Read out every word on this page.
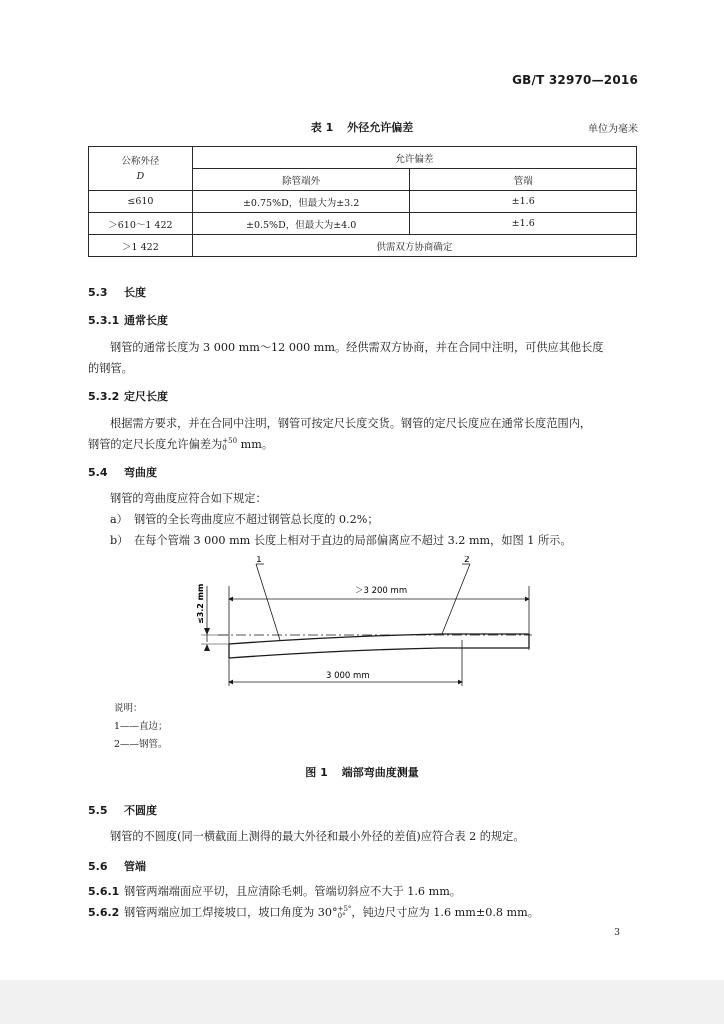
GB/T 32970—2016
表 1 外径允许偏差	单位为毫米
公称外径
D	允许偏差	
	除管端外	管端
≤610	±0.75%D，但最大为±3.2	±1.6
＞610～1 422	±0.5%D，但最大为±4.0	±1.6
＞1 422	供需双方协商确定	
5.3 长度
5.3.1 通常长度
钢管的通常长度为 3 000 mm～12 000 mm。经供需双方协商，并在合同中注明，可供应其他长度
的钢管。
5.3.2 定尺长度
根据需方要求，并在合同中注明，钢管可按定尺长度交货。钢管的定尺长度应在通常长度范围内，
钢管的定尺长度允许偏差为 +50
0 mm。
5.4 弯曲度
钢管的弯曲度应符合如下规定：
a） 钢管的全长弯曲度应不超过钢管总长度的 0.2%；
b） 在每个管端 3 000 mm 长度上相对于直边的局部偏离应不超过 3.2 mm，如图 1 所示。
1	2
＞3 200 mm
3 000 mm
≤3.2 mm
说明：
1——直边；
2——钢管。
图 1 端部弯曲度测量
5.5 不圆度
钢管的不圆度(同一横截面上测得的最大外径和最小外径的差值)应符合表 2 的规定。
5.6 管端
5.6.1 钢管两端端面应平切，且应清除毛刺。管端切斜应不大于 1.6 mm。
5.6.2 钢管两端应加工焊接坡口，坡口角度为 30° +5°
0° ，钝边尺寸应为 1.6 mm±0.8 mm。
3
